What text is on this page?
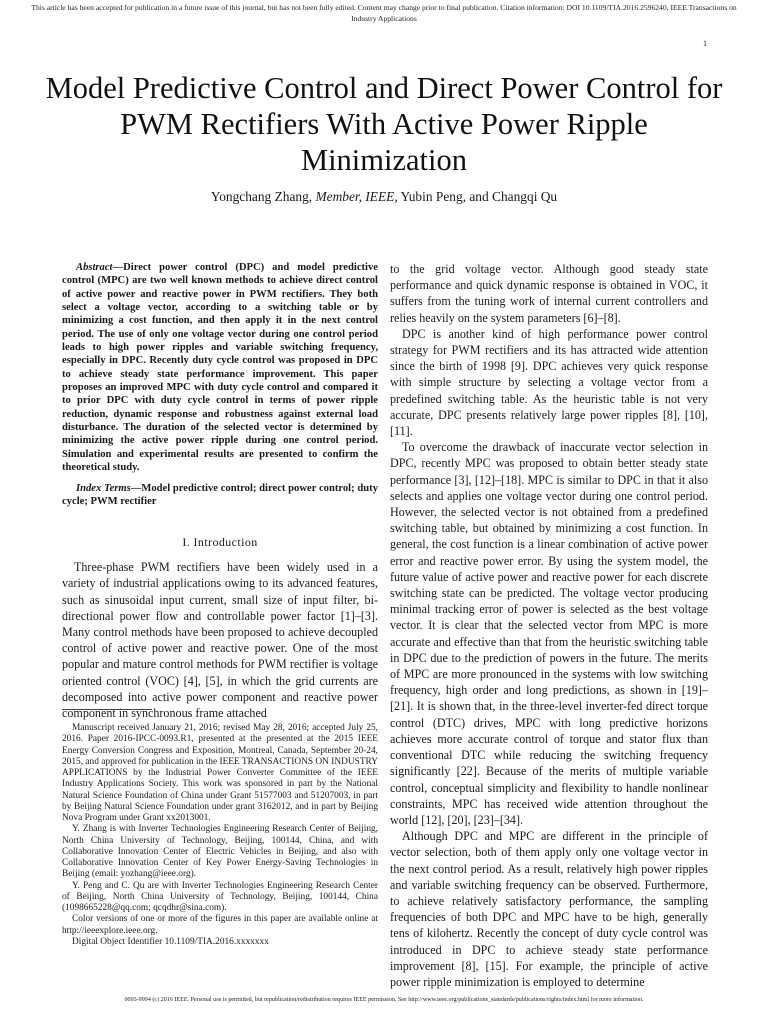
This article has been accepted for publication in a future issue of this journal, but has not been fully edited. Content may change prior to final publication. Citation information: DOI 10.1109/TIA.2016.2596240, IEEE Transactions on Industry Applications
1
Model Predictive Control and Direct Power Control for PWM Rectifiers With Active Power Ripple Minimization
Yongchang Zhang, Member, IEEE, Yubin Peng, and Changqi Qu

Abstract—Direct power control (DPC) and model predictive control (MPC) are two well known methods to achieve direct control of active power and reactive power in PWM rectifiers. They both select a voltage vector, according to a switching table or by minimizing a cost function, and then apply it in the next control period. The use of only one voltage vector during one control period leads to high power ripples and variable switching frequency, especially in DPC. Recently duty cycle control was proposed in DPC to achieve steady state performance improvement. This paper proposes an improved MPC with duty cycle control and compared it to prior DPC with duty cycle control in terms of power ripple reduction, dynamic response and robustness against external load disturbance. The duration of the selected vector is determined by minimizing the active power ripple during one control period. Simulation and experimental results are presented to confirm the theoretical study.

Index Terms—Model predictive control; direct power control; duty cycle; PWM rectifier

I. Introduction

Three-phase PWM rectifiers have been widely used in a variety of industrial applications owing to its advanced features, such as sinusoidal input current, small size of input filter, bi-directional power flow and controllable power factor [1]–[3]. Many control methods have been proposed to achieve decoupled control of active power and reactive power. One of the most popular and mature control methods for PWM rectifier is voltage oriented control (VOC) [4], [5], in which the grid currents are decomposed into active power component and reactive power component in synchronous frame attached

Manuscript received January 21, 2016; revised May 28, 2016; accepted July 25, 2016. Paper 2016-IPCC-0093.R1, presented at the presented at the 2015 IEEE Energy Conversion Congress and Exposition, Montreal, Canada, September 20-24, 2015, and approved for publication in the IEEE TRANSACTIONS ON INDUSTRY APPLICATIONS by the Industrial Power Converter Committee of the IEEE Industry Applications Society. This work was sponsored in part by the National Natural Science Foundation of China under Grant 51577003 and 51207003, in part by Beijing Natural Science Foundation under grant 3162012, and in part by Beijing Nova Program under Grant xx2013001.

Y. Zhang is with Inverter Technologies Engineering Research Center of Beijing, North China University of Technology, Beijing, 100144, China, and with Collaborative Innovation Center of Electric Vehicles in Beijing, and also with Collaborative Innovation Center of Key Power Energy-Saving Technologies in Beijing (email: yozhang@ieee.org).

Y. Peng and C. Qu are with Inverter Technologies Engineering Research Center of Beijing, North China University of Technology, Beijing, 100144, China (1098665228@qq.com; qcqdhr@sina.com).

Color versions of one or more of the figures in this paper are available online at http://ieeexplore.ieee.org.

Digital Object Identifier 10.1109/TIA.2016.xxxxxxx

to the grid voltage vector. Although good steady state performance and quick dynamic response is obtained in VOC, it suffers from the tuning work of internal current controllers and relies heavily on the system parameters [6]–[8].

DPC is another kind of high performance power control strategy for PWM rectifiers and its has attracted wide attention since the birth of 1998 [9]. DPC achieves very quick response with simple structure by selecting a voltage vector from a predefined switching table. As the heuristic table is not very accurate, DPC presents relatively large power ripples [8], [10], [11].

To overcome the drawback of inaccurate vector selection in DPC, recently MPC was proposed to obtain better steady state performance [3], [12]–[18]. MPC is similar to DPC in that it also selects and applies one voltage vector during one control period. However, the selected vector is not obtained from a predefined switching table, but obtained by minimizing a cost function. In general, the cost function is a linear combination of active power error and reactive power error. By using the system model, the future value of active power and reactive power for each discrete switching state can be predicted. The voltage vector producing minimal tracking error of power is selected as the best voltage vector. It is clear that the selected vector from MPC is more accurate and effective than that from the heuristic switching table in DPC due to the prediction of powers in the future. The merits of MPC are more pronounced in the systems with low switching frequency, high order and long predictions, as shown in [19]–[21]. It is shown that, in the three-level inverter-fed direct torque control (DTC) drives, MPC with long predictive horizons achieves more accurate control of torque and stator flux than conventional DTC while reducing the switching frequency significantly [22]. Because of the merits of multiple variable control, conceptual simplicity and flexibility to handle nonlinear constraints, MPC has received wide attention throughout the world [12], [20], [23]–[34].

Although DPC and MPC are different in the principle of vector selection, both of them apply only one voltage vector in the next control period. As a result, relatively high power ripples and variable switching frequency can be observed. Furthermore, to achieve relatively satisfactory performance, the sampling frequencies of both DPC and MPC have to be high, generally tens of kilohertz. Recently the concept of duty cycle control was introduced in DPC to achieve steady state performance improvement [8], [15]. For example, the principle of active power ripple minimization is employed to determine

0093-9994 (c) 2016 IEEE. Personal use is permitted, but republication/redistribution requires IEEE permission. See http://www.ieee.org/publications_standards/publications/rights/index.html for more information.
